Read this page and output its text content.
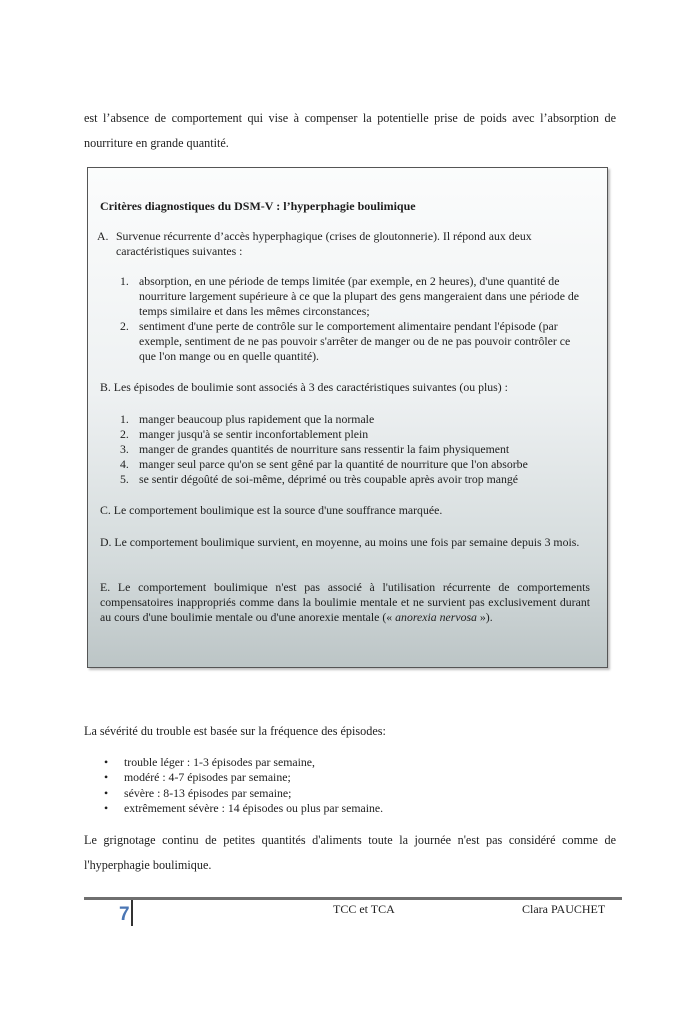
est l’absence de comportement qui vise à compenser la potentielle prise de poids avec l’absorption de nourriture en grande quantité.

Critères diagnostiques du DSM-V : l’hyperphagie boulimique

A. Survenue récurrente d’accès hyperphagique (crises de gloutonnerie). Il répond aux deux caractéristiques suivantes :
1. absorption, en une période de temps limitée (par exemple, en 2 heures), d'une quantité de nourriture largement supérieure à ce que la plupart des gens mangeraient dans une période de temps similaire et dans les mêmes circonstances;
2. sentiment d'une perte de contrôle sur le comportement alimentaire pendant l'épisode (par exemple, sentiment de ne pas pouvoir s'arrêter de manger ou de ne pas pouvoir contrôler ce que l'on mange ou en quelle quantité).

B. Les épisodes de boulimie sont associés à 3 des caractéristiques suivantes (ou plus) :

1. manger beaucoup plus rapidement que la normale
2. manger jusqu'à se sentir inconfortablement plein
3. manger de grandes quantités de nourriture sans ressentir la faim physiquement
4. manger seul parce qu'on se sent gêné par la quantité de nourriture que l'on absorbe
5. se sentir dégoûté de soi-même, déprimé ou très coupable après avoir trop mangé

C. Le comportement boulimique est la source d'une souffrance marquée.

D. Le comportement boulimique survient, en moyenne, au moins une fois par semaine depuis 3 mois.

E. Le comportement boulimique n'est pas associé à l'utilisation récurrente de comportements compensatoires inappropriés comme dans la boulimie mentale et ne survient pas exclusivement durant au cours d'une boulimie mentale ou d'une anorexie mentale (« anorexia nervosa »).

La sévérité du trouble est basée sur la fréquence des épisodes:

• trouble léger : 1-3 épisodes par semaine,
• modéré : 4-7 épisodes par semaine;
• sévère : 8-13 épisodes par semaine;
• extrêmement sévère : 14 épisodes ou plus par semaine.

Le grignotage continu de petites quantités d'aliments toute la journée n'est pas considéré comme de l'hyperphagie boulimique.

7	TCC et TCA	Clara PAUCHET
